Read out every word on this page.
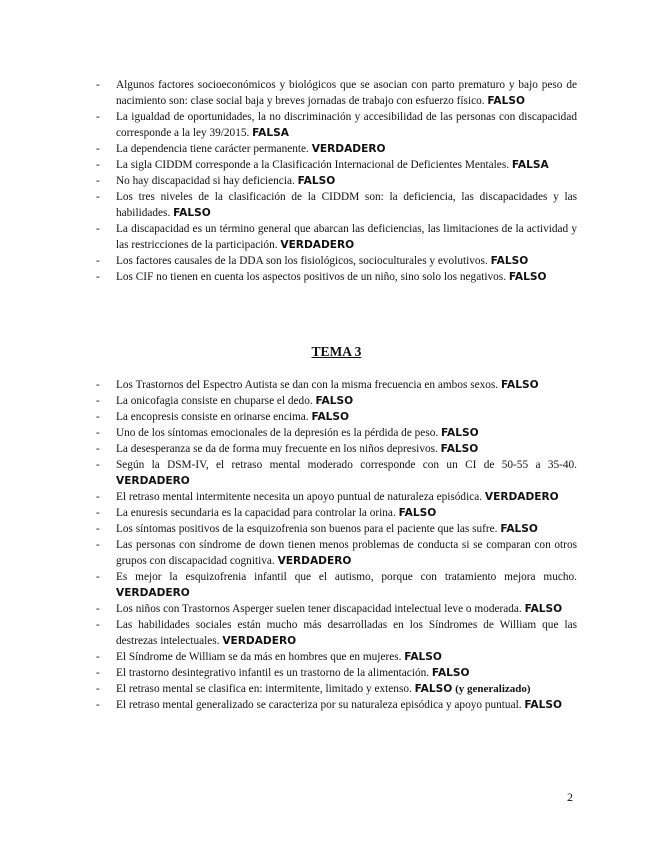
- Algunos factores socioeconómicos y biológicos que se asocian con parto prematuro y bajo peso de nacimiento son: clase social baja y breves jornadas de trabajo con esfuerzo físico. FALSO
- La igualdad de oportunidades, la no discriminación y accesibilidad de las personas con discapacidad corresponde a la ley 39/2015. FALSA
- La dependencia tiene carácter permanente. VERDADERO
- La sigla CIDDM corresponde a la Clasificación Internacional de Deficientes Mentales. FALSA
- No hay discapacidad si hay deficiencia. FALSO
- Los tres niveles de la clasificación de la CIDDM son: la deficiencia, las discapacidades y las habilidades. FALSO
- La discapacidad es un término general que abarcan las deficiencias, las limitaciones de la actividad y las restricciones de la participación. VERDADERO
- Los factores causales de la DDA son los fisiológicos, socioculturales y evolutivos. FALSO
- Los CIF no tienen en cuenta los aspectos positivos de un niño, sino solo los negativos. FALSO
TEMA 3
- Los Trastornos del Espectro Autista se dan con la misma frecuencia en ambos sexos. FALSO
- La onicofagia consiste en chuparse el dedo. FALSO
- La encopresis consiste en orinarse encima. FALSO
- Uno de los síntomas emocionales de la depresión es la pérdida de peso. FALSO
- La desesperanza se da de forma muy frecuente en los niños depresivos. FALSO
- Según la DSM-IV, el retraso mental moderado corresponde con un CI de 50-55 a 35-40. VERDADERO
- El retraso mental intermitente necesita un apoyo puntual de naturaleza episódica. VERDADERO
- La enuresis secundaria es la capacidad para controlar la orina. FALSO
- Los síntomas positivos de la esquizofrenia son buenos para el paciente que las sufre. FALSO
- Las personas con síndrome de down tienen menos problemas de conducta si se comparan con otros grupos con discapacidad cognitiva. VERDADERO
- Es mejor la esquizofrenia infantil que el autismo, porque con tratamiento mejora mucho. VERDADERO
- Los niños con Trastornos Asperger suelen tener discapacidad intelectual leve o moderada. FALSO
- Las habilidades sociales están mucho más desarrolladas en los Síndromes de William que las destrezas intelectuales. VERDADERO
- El Síndrome de William se da más en hombres que en mujeres. FALSO
- El trastorno desintegrativo infantil es un trastorno de la alimentación. FALSO
- El retraso mental se clasifica en: intermitente, limitado y extenso. FALSO (y generalizado)
- El retraso mental generalizado se caracteriza por su naturaleza episódica y apoyo puntual. FALSO
2
